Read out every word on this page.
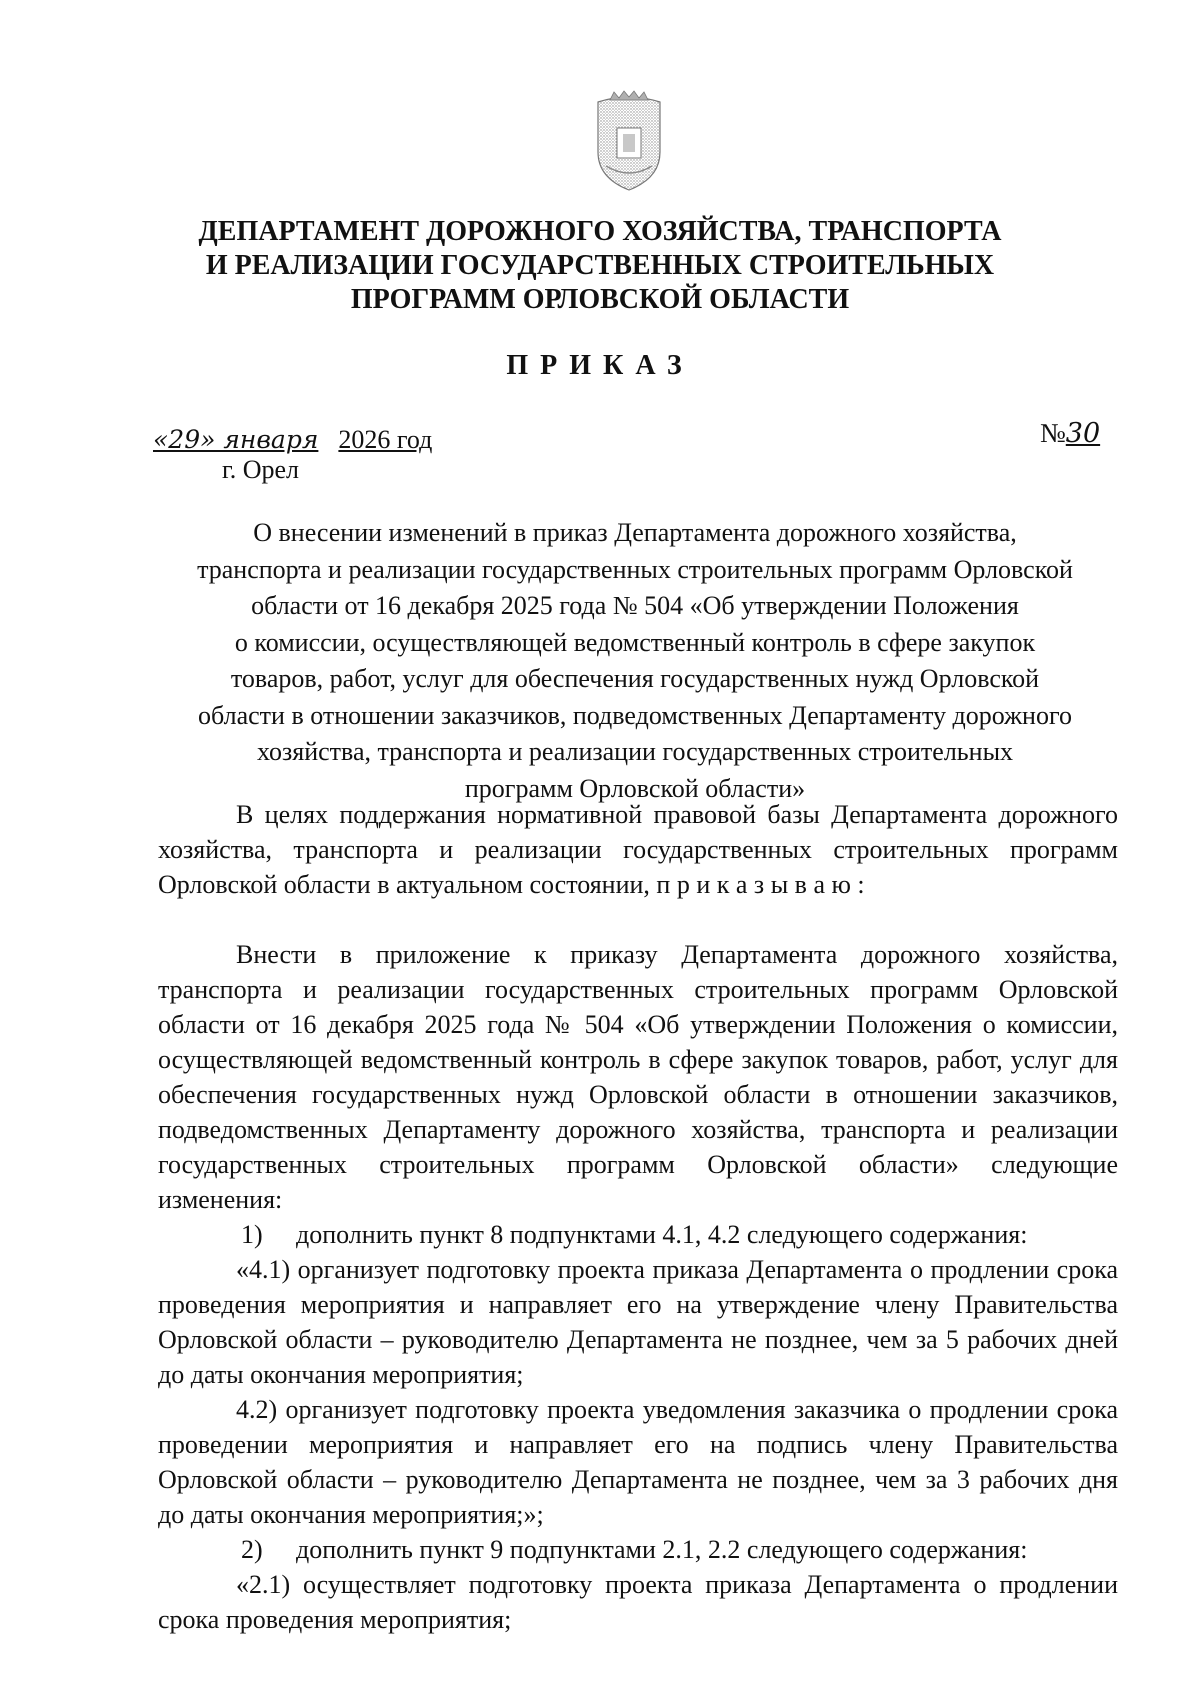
ДЕПАРТАМЕНТ ДОРОЖНОГО ХОЗЯЙСТВА, ТРАНСПОРТА
И РЕАЛИЗАЦИИ ГОСУДАРСТВЕННЫХ СТРОИТЕЛЬНЫХ
ПРОГРАММ ОРЛОВСКОЙ ОБЛАСТИ
ПРИКАЗ
«29» января 2026 год
г. Орел
№30
О внесении изменений в приказ Департамента дорожного хозяйства,
транспорта и реализации государственных строительных программ Орловской
области от 16 декабря 2025 года № 504 «Об утверждении Положения
о комиссии, осуществляющей ведомственный контроль в сфере закупок
товаров, работ, услуг для обеспечения государственных нужд Орловской
области в отношении заказчиков, подведомственных Департаменту дорожного
хозяйства, транспорта и реализации государственных строительных
программ Орловской области»

В целях поддержания нормативной правовой базы Департамента дорожного хозяйства, транспорта и реализации государственных строительных программ Орловской области в актуальном состоянии, п р и к а з ы в а ю :

Внести в приложение к приказу Департамента дорожного хозяйства, транспорта и реализации государственных строительных программ Орловской области от 16 декабря 2025 года № 504 «Об утверждении Положения о комиссии, осуществляющей ведомственный контроль в сфере закупок товаров, работ, услуг для обеспечения государственных нужд Орловской области в отношении заказчиков, подведомственных Департаменту дорожного хозяйства, транспорта и реализации государственных строительных программ Орловской области» следующие изменения:

1) дополнить пункт 8 подпунктами 4.1, 4.2 следующего содержания:

«4.1) организует подготовку проекта приказа Департамента о продлении срока проведения мероприятия и направляет его на утверждение члену Правительства Орловской области – руководителю Департамента не позднее, чем за 5 рабочих дней до даты окончания мероприятия;

4.2) организует подготовку проекта уведомления заказчика о продлении срока проведении мероприятия и направляет его на подпись члену Правительства Орловской области – руководителю Департамента не позднее, чем за 3 рабочих дня до даты окончания мероприятия;»;

2) дополнить пункт 9 подпунктами 2.1, 2.2 следующего содержания:

«2.1) осуществляет подготовку проекта приказа Департамента о продлении срока проведения мероприятия;
